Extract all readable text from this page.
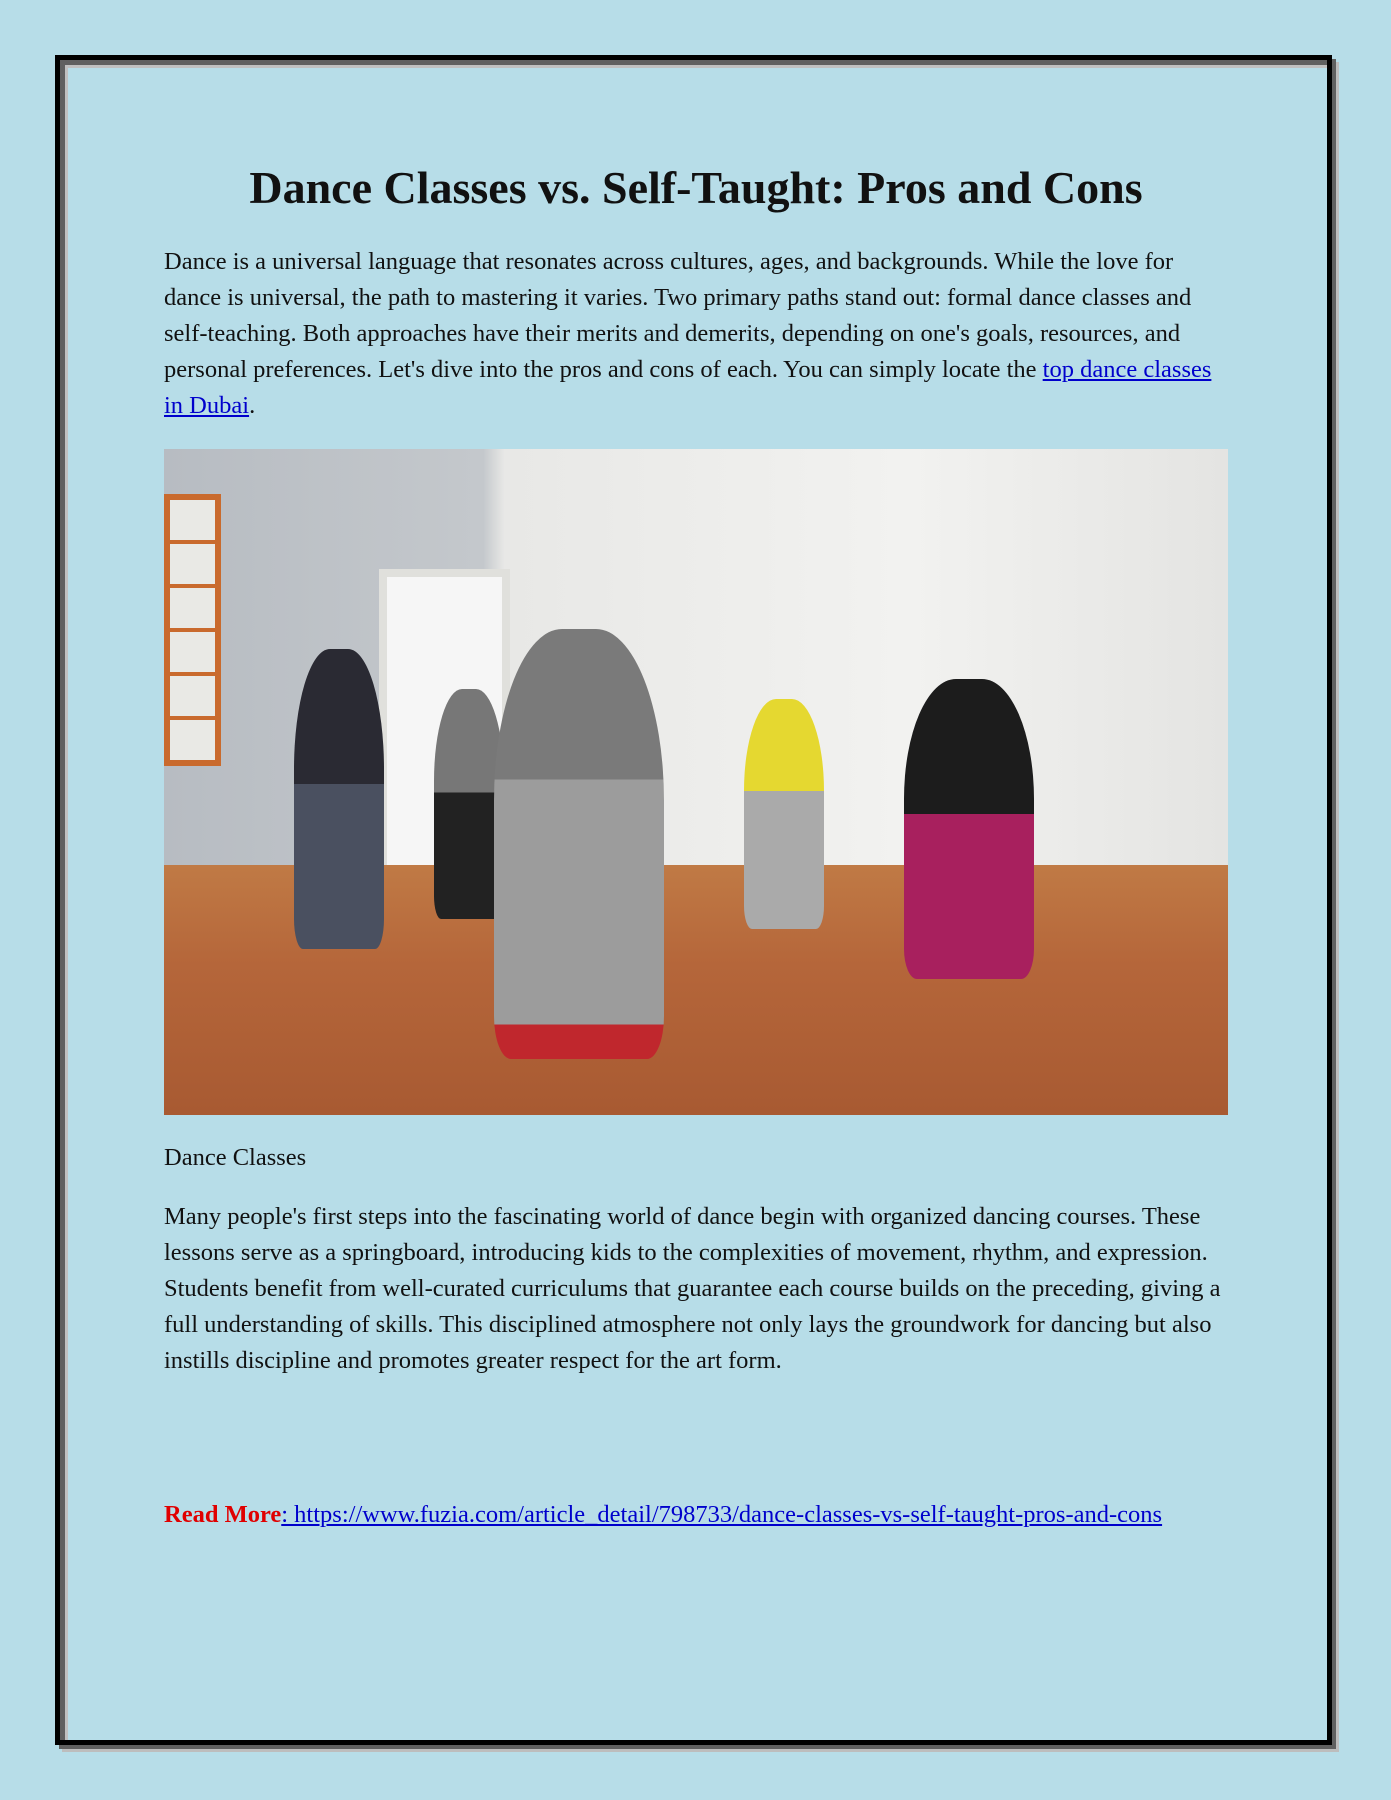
Dance Classes vs. Self-Taught: Pros and Cons

Dance is a universal language that resonates across cultures, ages, and backgrounds. While the love for dance is universal, the path to mastering it varies. Two primary paths stand out: formal dance classes and self-teaching. Both approaches have their merits and demerits, depending on one's goals, resources, and personal preferences. Let's dive into the pros and cons of each. You can simply locate the top dance classes in Dubai.

Dance Classes

Many people's first steps into the fascinating world of dance begin with organized dancing courses. These lessons serve as a springboard, introducing kids to the complexities of movement, rhythm, and expression. Students benefit from well-curated curriculums that guarantee each course builds on the preceding, giving a full understanding of skills. This disciplined atmosphere not only lays the groundwork for dancing but also instills discipline and promotes greater respect for the art form.

Read More: https://www.fuzia.com/article_detail/798733/dance-classes-vs-self-taught-pros-and-cons
